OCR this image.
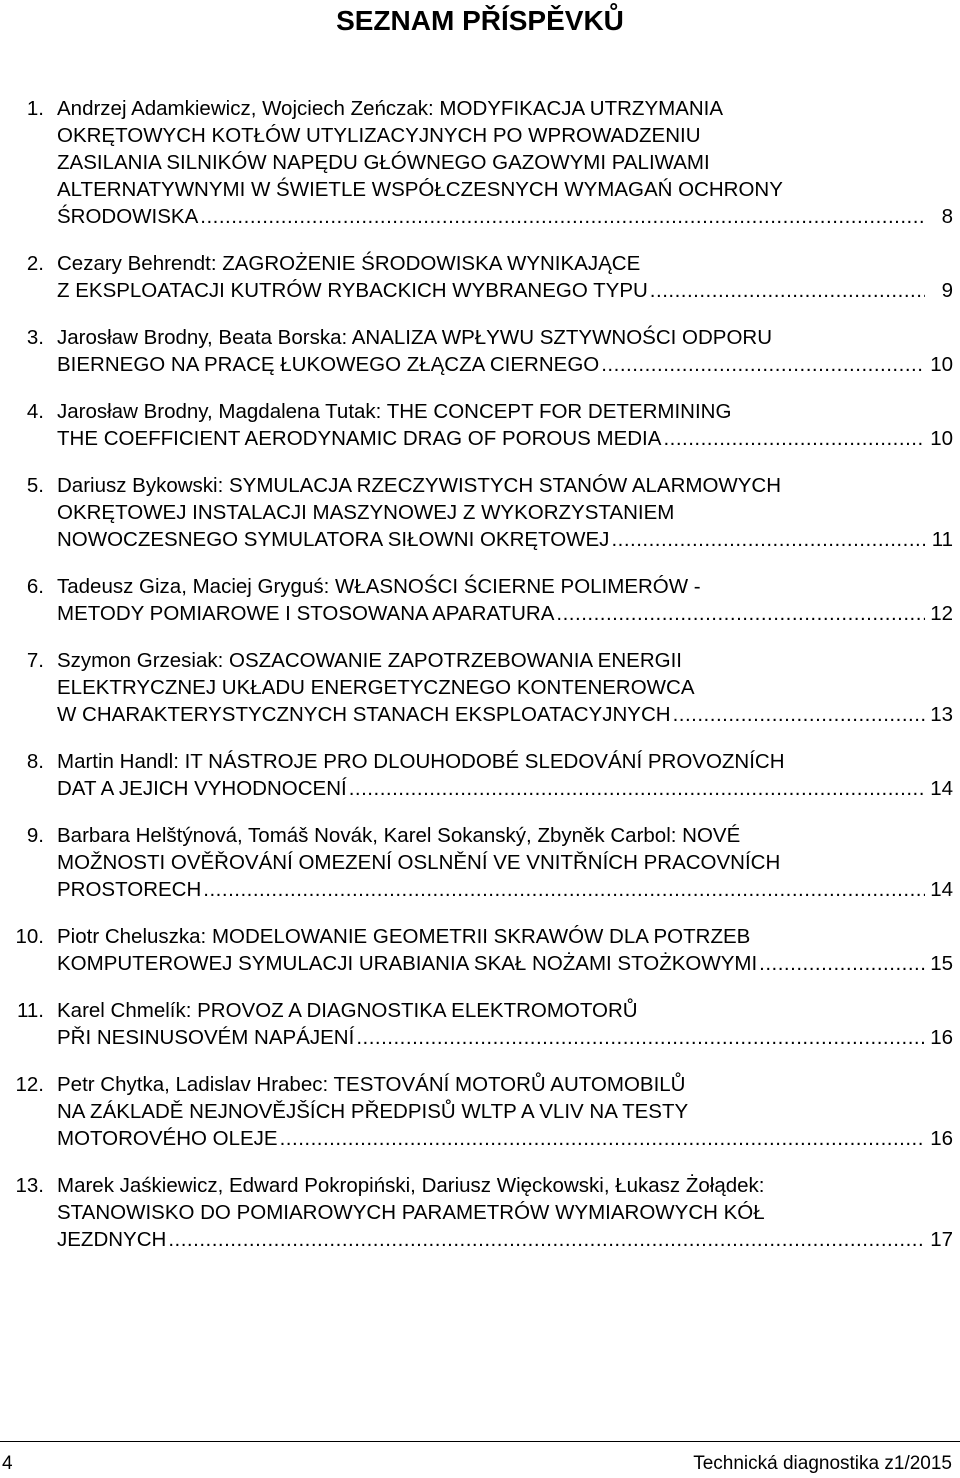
SEZNAM PŘÍSPĚVKŮ
1. Andrzej Adamkiewicz, Wojciech Zeńczak: MODYFIKACJA UTRZYMANIA
OKRĘTOWYCH KOTŁÓW UTYLIZACYJNYCH PO WPROWADZENIU
ZASILANIA SILNIKÓW NAPĘDU GŁÓWNEGO GAZOWYMI PALIWAMI
ALTERNATYWNYMI W ŚWIETLE WSPÓŁCZESNYCH WYMAGAŃ OCHRONY
ŚRODOWISKA .....	8
2. Cezary Behrendt: ZAGROŻENIE ŚRODOWISKA WYNIKAJĄCE
Z EKSPLOATACJI KUTRÓW RYBACKICH WYBRANEGO TYPU .....	9
3. Jarosław Brodny, Beata Borska: ANALIZA WPŁYWU SZTYWNOŚCI ODPORU
BIERNEGO NA PRACĘ ŁUKOWEGO ZŁĄCZA CIERNEGO .....	10
4. Jarosław Brodny, Magdalena Tutak: THE CONCEPT FOR DETERMINING
THE COEFFICIENT AERODYNAMIC DRAG OF POROUS MEDIA .....	10
5. Dariusz Bykowski: SYMULACJA RZECZYWISTYCH STANÓW ALARMOWYCH
OKRĘTOWEJ INSTALACJI MASZYNOWEJ Z WYKORZYSTANIEM
NOWOCZESNEGO SYMULATORA SIŁOWNI OKRĘTOWEJ .....	11
6. Tadeusz Giza, Maciej Gryguś: WŁASNOŚCI ŚCIERNE POLIMERÓW -
METODY POMIAROWE I STOSOWANA APARATURA .....	12
7. Szymon Grzesiak: OSZACOWANIE ZAPOTRZEBOWANIA ENERGII
ELEKTRYCZNEJ UKŁADU ENERGETYCZNEGO KONTENEROWCA
W CHARAKTERYSTYCZNYCH STANACH EKSPLOATACYJNYCH .....	13
8. Martin Handl: IT NÁSTROJE PRO DLOUHODOBÉ SLEDOVÁNÍ PROVOZNÍCH
DAT A JEJICH VYHODNOCENÍ .....	14
9. Barbara Helštýnová, Tomáš Novák, Karel Sokanský, Zbyněk Carbol: NOVÉ
MOŽNOSTI OVĚŘOVÁNÍ OMEZENÍ OSLNĚNÍ VE VNITŘNÍCH PRACOVNÍCH
PROSTORECH .....	14
10. Piotr Cheluszka: MODELOWANIE GEOMETRII SKRAWÓW DLA POTRZEB
KOMPUTEROWEJ SYMULACJI URABIANIA SKAŁ NOŻAMI STOŻKOWYMI .....	15
11. Karel Chmelík: PROVOZ A DIAGNOSTIKA ELEKTROMOTORŮ
PŘI NESINUSOVÉM NAPÁJENÍ .....	16
12. Petr Chytka, Ladislav Hrabec: TESTOVÁNÍ MOTORŮ AUTOMOBILŮ
NA ZÁKLADĚ NEJNOVĚJŠÍCH PŘEDPISŮ WLTP A VLIV NA TESTY
MOTOROVÉHO OLEJE .....	16
13. Marek Jaśkiewicz, Edward Pokropiński, Dariusz Więckowski, Łukasz Żołądek:
STANOWISKO DO POMIAROWYCH PARAMETRÓW WYMIAROWYCH KÓŁ
JEZDNYCH .....	17
4	Technická diagnostika z1/2015
